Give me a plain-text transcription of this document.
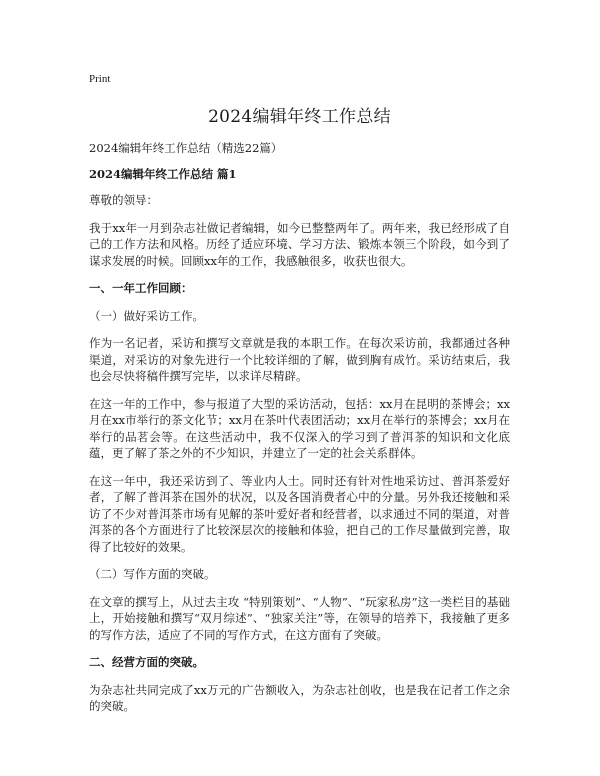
Print
2024编辑年终工作总结

2024编辑年终工作总结（精选22篇）

2024编辑年终工作总结 篇1

尊敬的领导：

我于xx年一月到杂志社做记者编辑，如今已整整两年了。两年来，我已经形成了自己的工作方法和风格。历经了适应环境、学习方法、锻炼本领三个阶段，如今到了谋求发展的时候。回顾xx年的工作，我感触很多，收获也很大。

一、一年工作回顾：

（一）做好采访工作。

作为一名记者，采访和撰写文章就是我的本职工作。在每次采访前，我都通过各种渠道，对采访的对象先进行一个比较详细的了解，做到胸有成竹。采访结束后，我也会尽快将稿件撰写完毕，以求详尽精辟。

在这一年的工作中，参与报道了大型的采访活动，包括：xx月在昆明的茶博会；xx月在xx市举行的茶文化节；xx月在茶叶代表团活动；xx月在举行的茶博会；xx月在举行的品茗会等。在这些活动中，我不仅深入的学习到了普洱茶的知识和文化底蕴，更了解了茶之外的不少知识，并建立了一定的社会关系群体。

在这一年中，我还采访到了、等业内人士。同时还有针对性地采访过、普洱茶爱好者，了解了普洱茶在国外的状况，以及各国消费者心中的分量。另外我还接触和采访了不少对普洱茶市场有见解的茶叶爱好者和经营者，以求通过不同的渠道，对普洱茶的各个方面进行了比较深层次的接触和体验，把自己的工作尽量做到完善，取得了比较好的效果。

（二）写作方面的突破。

在文章的撰写上，从过去主攻 “特别策划”、“人物”、“玩家私房”这一类栏目的基础上，开始接触和撰写“双月综述”、“独家关注”等，在领导的培养下，我接触了更多的写作方法，适应了不同的写作方式，在这方面有了突破。

二、经营方面的突破。

为杂志社共同完成了xx万元的广告额收入，为杂志社创收，也是我在记者工作之余的突破。
